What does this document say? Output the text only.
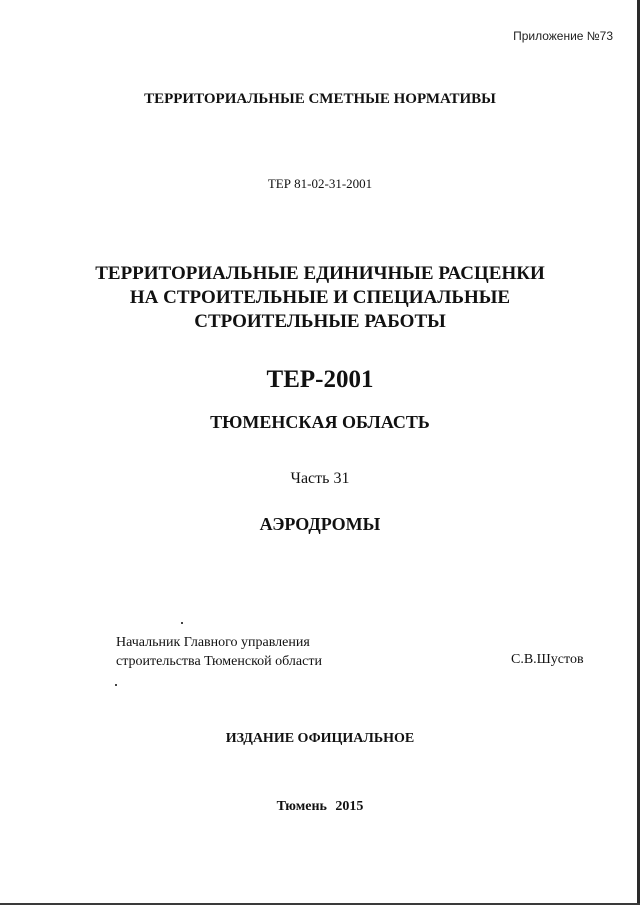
Приложение №73
ТЕРРИТОРИАЛЬНЫЕ СМЕТНЫЕ НОРМАТИВЫ
ТЕР 81-02-31-2001
ТЕРРИТОРИАЛЬНЫЕ ЕДИНИЧНЫЕ РАСЦЕНКИ
НА СТРОИТЕЛЬНЫЕ И СПЕЦИАЛЬНЫЕ
СТРОИТЕЛЬНЫЕ РАБОТЫ
ТЕР-2001
ТЮМЕНСКАЯ ОБЛАСТЬ
Часть 31
АЭРОДРОМЫ
Начальник Главного управления
строительства Тюменской области	С.В.Шустов
ИЗДАНИЕ ОФИЦИАЛЬНОЕ
Тюмень 2015
